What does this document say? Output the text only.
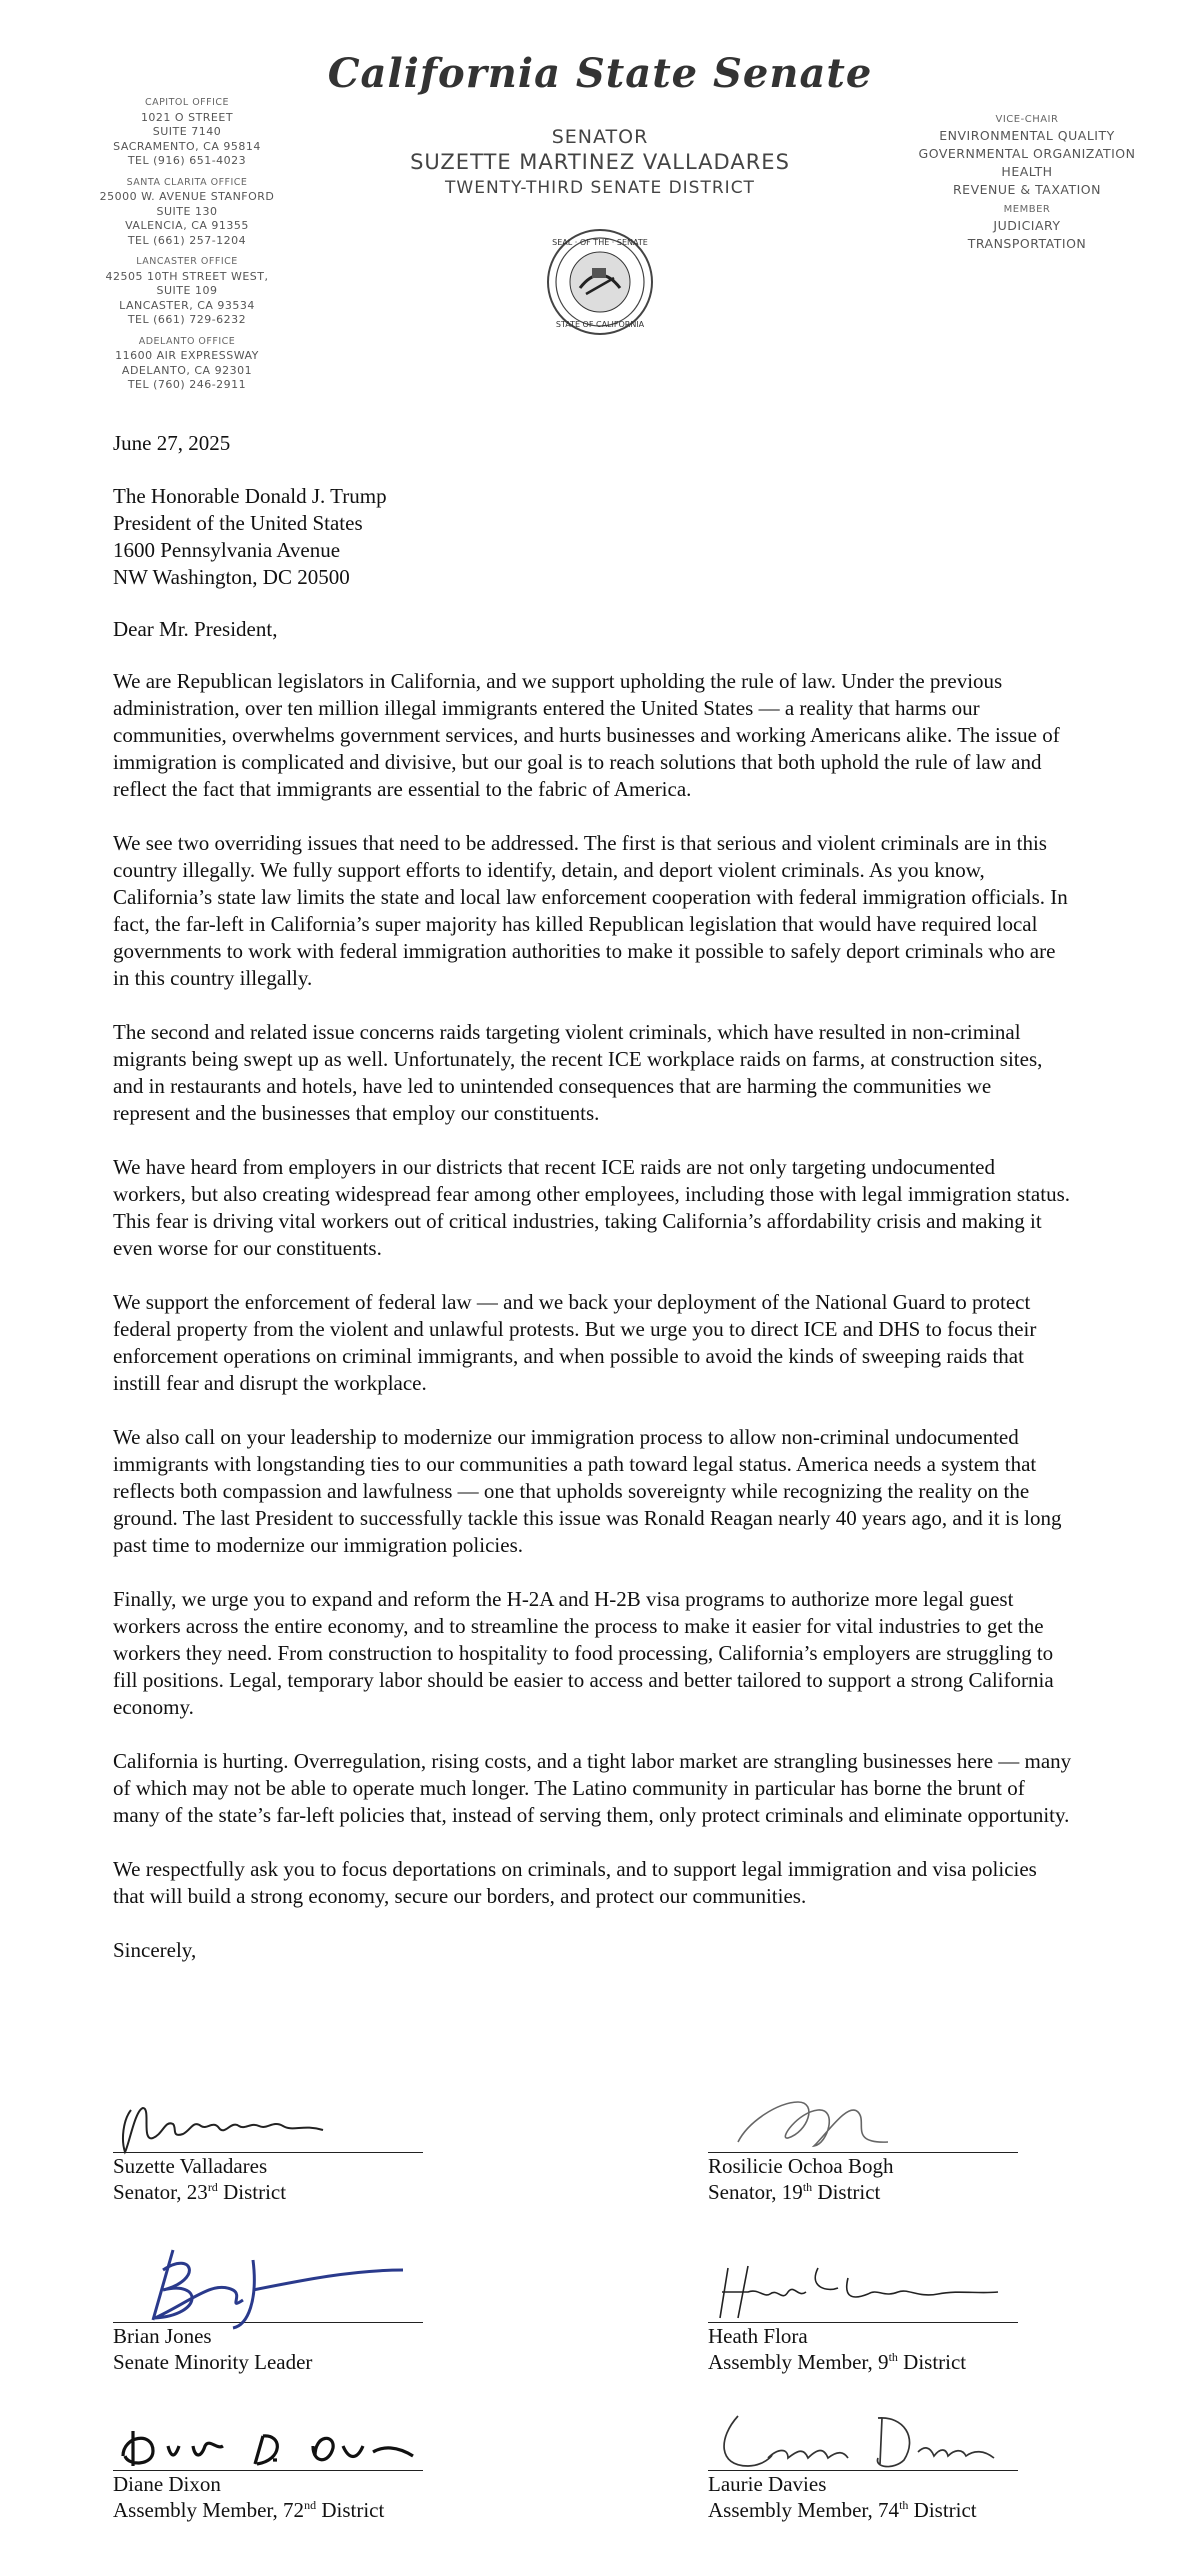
California State Senate
SENATOR
SUZETTE MARTINEZ VALLADARES
TWENTY-THIRD SENATE DISTRICT
SEAL · OF THE · SENATE
STATE OF CALIFORNIA
CAPITOL OFFICE
1021 O STREET
SUITE 7140
SACRAMENTO, CA 95814
TEL (916) 651-4023
SANTA CLARITA OFFICE
25000 W. AVENUE STANFORD
SUITE 130
VALENCIA, CA 91355
TEL (661) 257-1204
LANCASTER OFFICE
42505 10TH STREET WEST,
SUITE 109
LANCASTER, CA 93534
TEL (661) 729-6232
ADELANTO OFFICE
11600 AIR EXPRESSWAY
ADELANTO, CA 92301
TEL (760) 246-2911
VICE-CHAIR
ENVIRONMENTAL QUALITY
GOVERNMENTAL ORGANIZATION
HEALTH
REVENUE & TAXATION
MEMBER
JUDICIARY
TRANSPORTATION

June 27, 2025

The Honorable Donald J. Trump

President of the United States

1600 Pennsylvania Avenue

NW Washington, DC 20500

Dear Mr. President,

We are Republican legislators in California, and we support upholding the rule of law. Under the previous administration, over ten million illegal immigrants entered the United States — a reality that harms our communities, overwhelms government services, and hurts businesses and working Americans alike. The issue of immigration is complicated and divisive, but our goal is to reach solutions that both uphold the rule of law and reflect the fact that immigrants are essential to the fabric of America.

We see two overriding issues that need to be addressed. The first is that serious and violent criminals are in this country illegally. We fully support efforts to identify, detain, and deport violent criminals. As you know, California’s state law limits the state and local law enforcement cooperation with federal immigration officials. In fact, the far-left in California’s super majority has killed Republican legislation that would have required local governments to work with federal immigration authorities to make it possible to safely deport criminals who are in this country illegally.

The second and related issue concerns raids targeting violent criminals, which have resulted in non-criminal migrants being swept up as well. Unfortunately, the recent ICE workplace raids on farms, at construction sites, and in restaurants and hotels, have led to unintended consequences that are harming the communities we represent and the businesses that employ our constituents.

We have heard from employers in our districts that recent ICE raids are not only targeting undocumented workers, but also creating widespread fear among other employees, including those with legal immigration status. This fear is driving vital workers out of critical industries, taking California’s affordability crisis and making it even worse for our constituents.

We support the enforcement of federal law — and we back your deployment of the National Guard to protect federal property from the violent and unlawful protests. But we urge you to direct ICE and DHS to focus their enforcement operations on criminal immigrants, and when possible to avoid the kinds of sweeping raids that instill fear and disrupt the workplace.

We also call on your leadership to modernize our immigration process to allow non-criminal undocumented immigrants with longstanding ties to our communities a path toward legal status. America needs a system that reflects both compassion and lawfulness — one that upholds sovereignty while recognizing the reality on the ground. The last President to successfully tackle this issue was Ronald Reagan nearly 40 years ago, and it is long past time to modernize our immigration policies.

Finally, we urge you to expand and reform the H-2A and H-2B visa programs to authorize more legal guest workers across the entire economy, and to streamline the process to make it easier for vital industries to get the workers they need. From construction to hospitality to food processing, California’s employers are struggling to fill positions. Legal, temporary labor should be easier to access and better tailored to support a strong California economy.

California is hurting. Overregulation, rising costs, and a tight labor market are strangling businesses here — many of which may not be able to operate much longer. The Latino community in particular has borne the brunt of many of the state’s far-left policies that, instead of serving them, only protect criminals and eliminate opportunity.

We respectfully ask you to focus deportations on criminals, and to support legal immigration and visa policies that will build a strong economy, secure our borders, and protect our communities.

Sincerely,

Suzette Valladares
Senator, 23rd District
Rosilicie Ochoa Bogh
Senator, 19th District
Brian Jones
Senate Minority Leader
Heath Flora
Assembly Member, 9th District
Diane Dixon
Assembly Member, 72nd District
Laurie Davies
Assembly Member, 74th District
